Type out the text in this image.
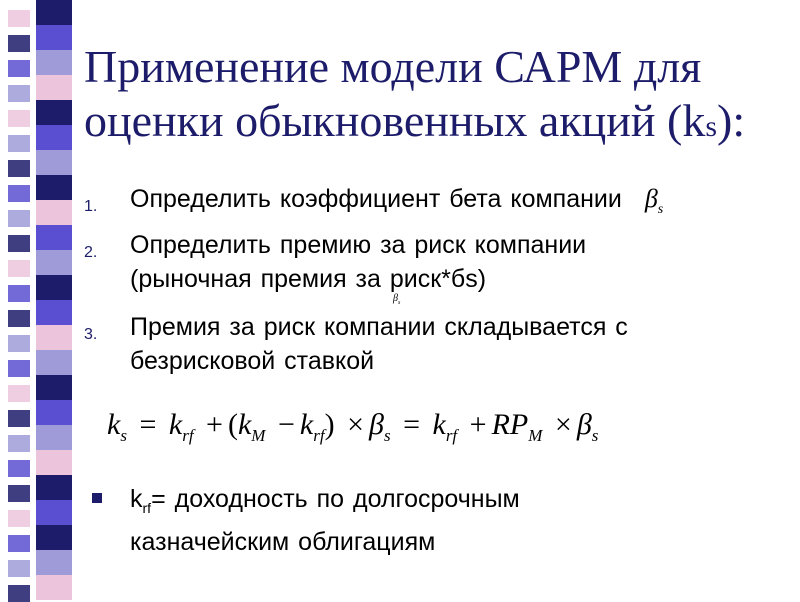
Применение модели САРМ для
оценки обыкновенных акций (ks):
1. Определить коэффициент бета компании $\beta_s$
2. Определить премию за риск компании
(рыночная премия за риск*бs)
$\beta_s$
3. Премия за риск компании складывается с
безрисковой ставкой
$k_s = k_{rf} + (k_M - k_{rf}) \times \beta_s = k_{rf} + RP_M \times \beta_s$
$k_{rf}=$ доходность по долгосрочным
казначейским облигациям
